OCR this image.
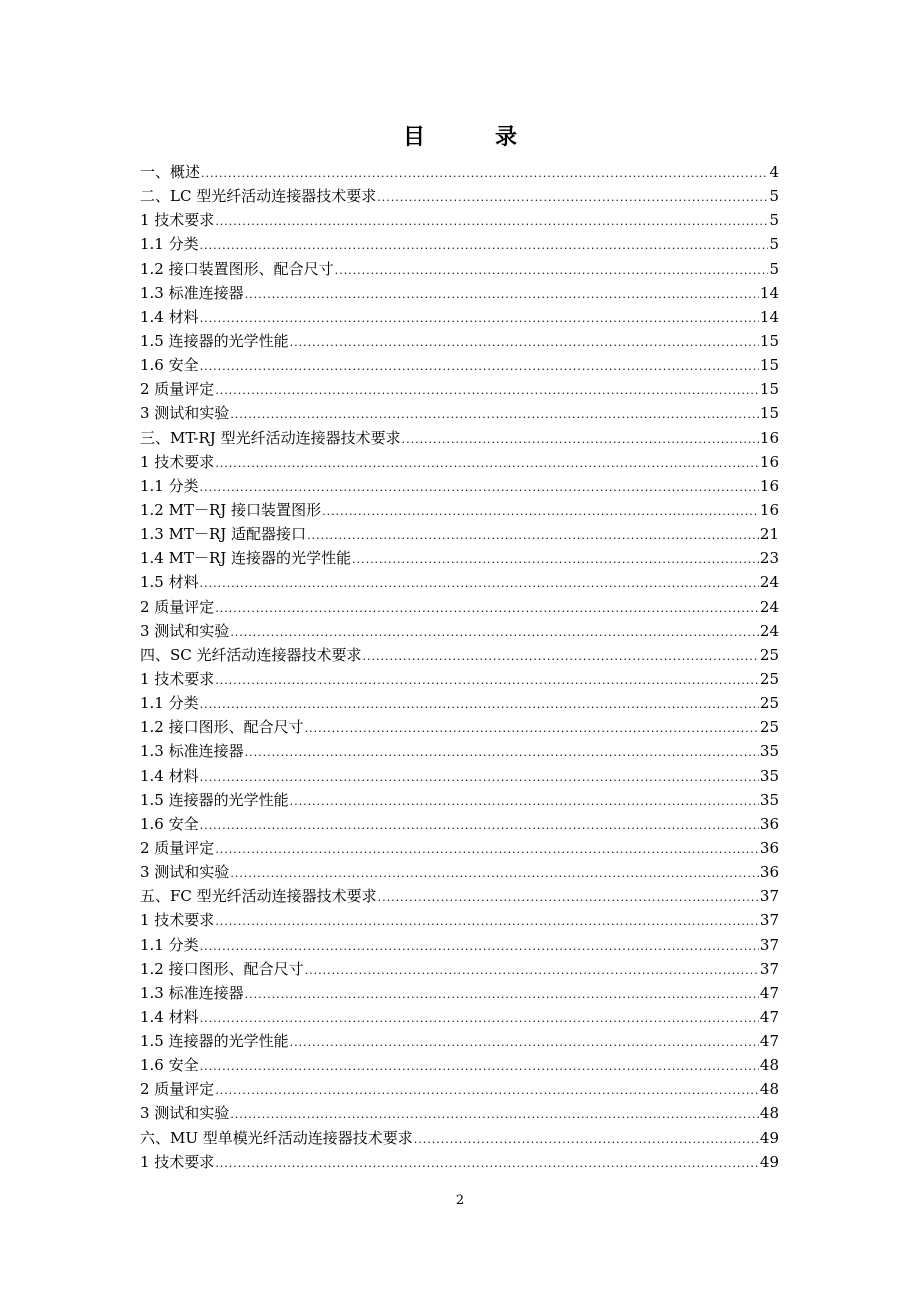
目　录
一、概述 .....	4
二、LC 型光纤活动连接器技术要求 .....	5
1 技术要求 .....	5
1.1 分类 .....	5
1.2 接口装置图形、配合尺寸 .....	5
1.3 标准连接器 .....	14
1.4 材料 .....	14
1.5 连接器的光学性能 .....	15
1.6 安全 .....	15
2 质量评定 .....	15
3 测试和实验 .....	15
三、MT-RJ 型光纤活动连接器技术要求 .....	16
1 技术要求 .....	16
1.1 分类 .....	16
1.2 MT－RJ 接口装置图形 .....	16
1.3 MT－RJ 适配器接口 .....	21
1.4 MT－RJ 连接器的光学性能 .....	23
1.5 材料 .....	24
2 质量评定 .....	24
3 测试和实验 .....	24
四、SC 光纤活动连接器技术要求 .....	25
1 技术要求 .....	25
1.1 分类 .....	25
1.2 接口图形、配合尺寸 .....	25
1.3 标准连接器 .....	35
1.4 材料 .....	35
1.5 连接器的光学性能 .....	35
1.6 安全 .....	36
2 质量评定 .....	36
3 测试和实验 .....	36
五、FC 型光纤活动连接器技术要求 .....	37
1 技术要求 .....	37
1.1 分类 .....	37
1.2 接口图形、配合尺寸 .....	37
1.3 标准连接器 .....	47
1.4 材料 .....	47
1.5 连接器的光学性能 .....	47
1.6 安全 .....	48
2 质量评定 .....	48
3 测试和实验 .....	48
六、MU 型单模光纤活动连接器技术要求 .....	49
1 技术要求 .....	49
2
